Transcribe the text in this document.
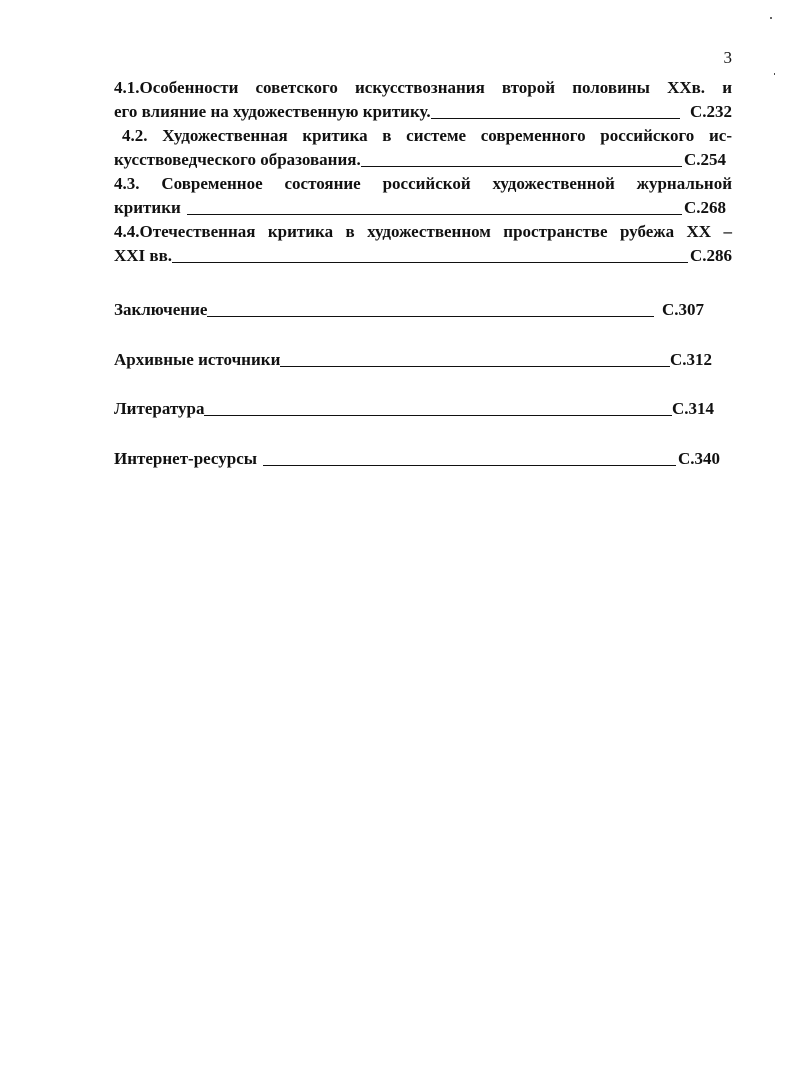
3
4.1.Особенности советского искусствознания второй половины XXв. и
его влияние на художественную критику.	С.232
4.2. Художественная критика в системе современного российского ис-
кусствоведческого образования.	С.254
4.3. Современное состояние российской художественной журнальной
критики	С.268
4.4.Отечественная критика в художественном пространстве рубежа XX –
XXI вв.	С.286
Заключение	С.307
Архивные источники	С.312
Литература	С.314
Интернет-ресурсы	С.340
